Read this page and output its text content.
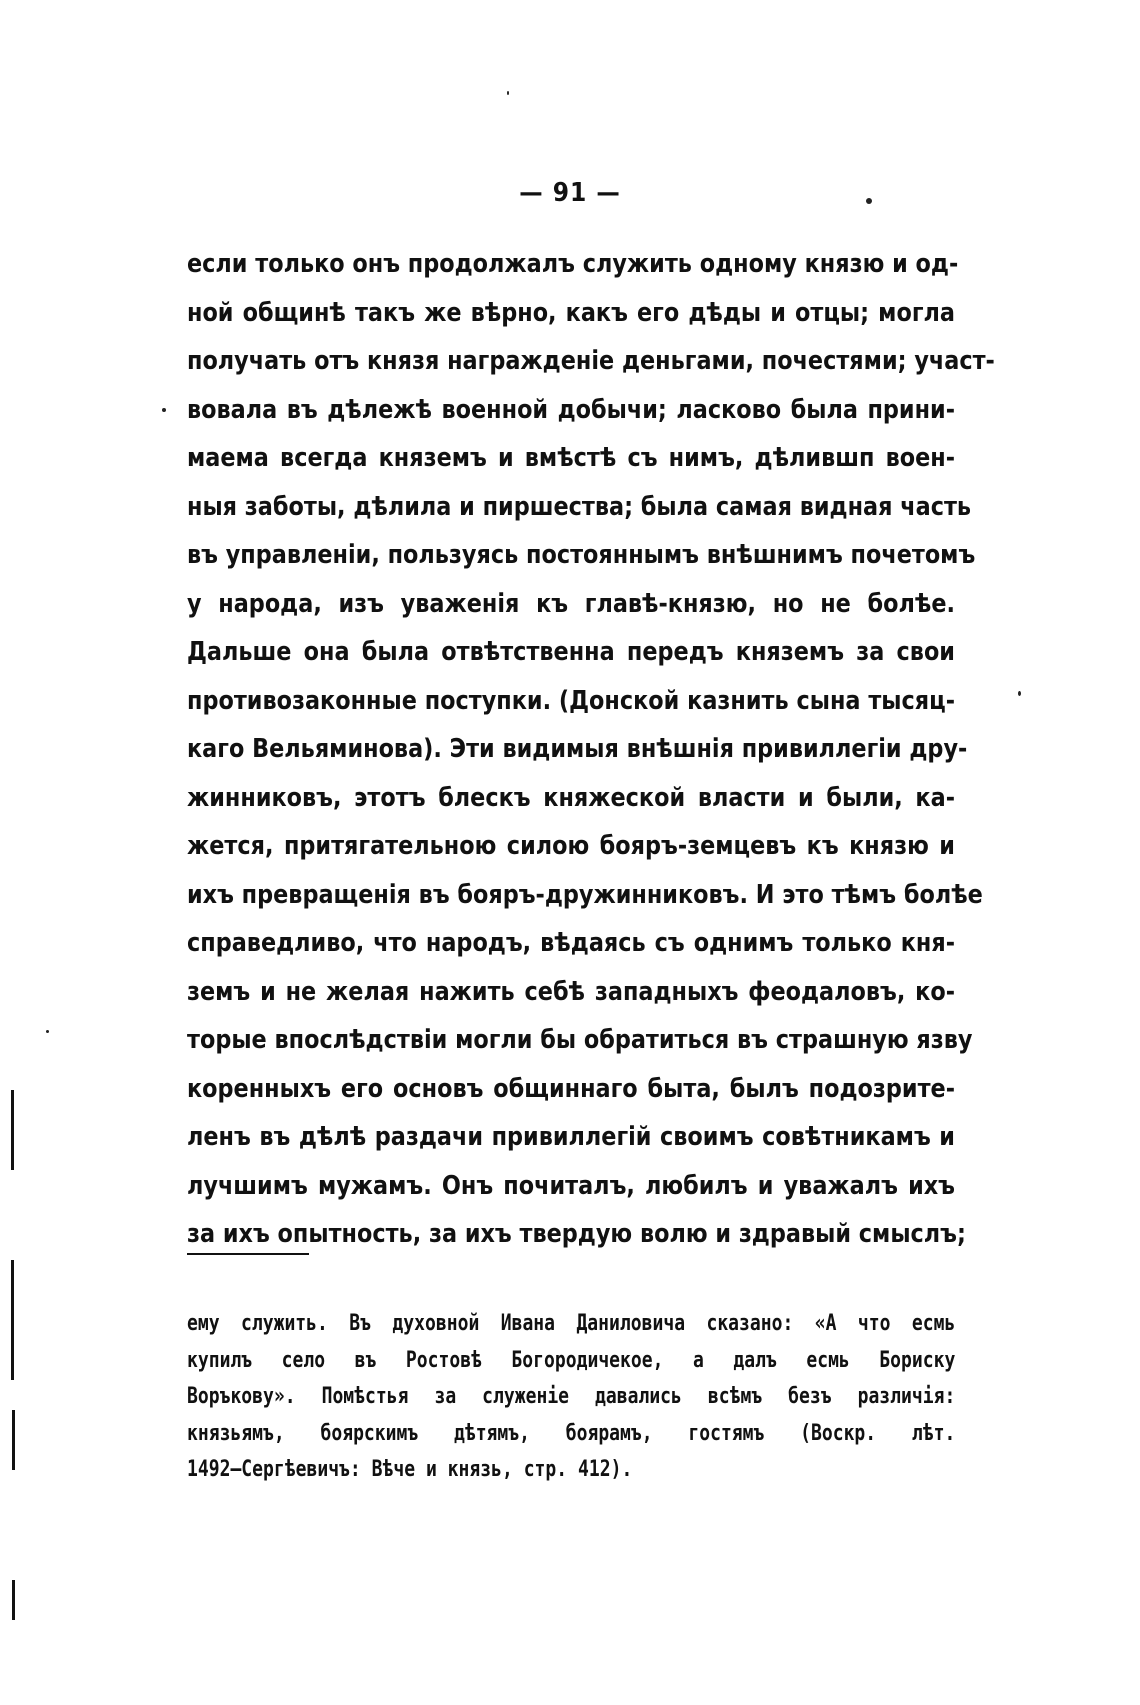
— 91 —
если только онъ продолжалъ служить одному князю и од-
ной общинѣ такъ же вѣрно, какъ его дѣды и отцы; могла
получать отъ князя награжденіе деньгами, почестями; участ-
вовала въ дѣлежѣ военной добычи; ласково была прини-
маема всегда княземъ и вмѣстѣ съ нимъ, дѣлившп воен-
ныя заботы, дѣлила и пиршества; была самая видная часть
въ управленіи, пользуясь постояннымъ внѣшнимъ почетомъ
у народа, изъ уваженія къ главѣ-князю, но не болѣе.
Дальше она была отвѣтственна передъ княземъ за свои
противозаконные поступки. (Донской казнить сына тысяц-
каго Вельяминова). Эти видимыя внѣшнія привиллегіи дру-
жинниковъ, этотъ блескъ княжеской власти и были, ка-
жется, притягательною силою бояръ-земцевъ къ князю и
ихъ превращенія въ бояръ-дружинниковъ. И это тѣмъ болѣе
справедливо, что народъ, вѣдаясь съ однимъ только кня-
земъ и не желая нажить себѣ западныхъ феодаловъ, ко-
торые впослѣдствіи могли бы обратиться въ страшную язву
коренныхъ его основъ общиннаго быта, былъ подозрите-
ленъ въ дѣлѣ раздачи привиллегій своимъ совѣтникамъ и
лучшимъ мужамъ. Онъ почиталъ, любилъ и уважалъ ихъ
за ихъ опытность, за ихъ твердую волю и здравый смыслъ;
ему служить. Въ духовной Ивана Даниловича сказано: «А что есмь
купилъ село въ Ростовѣ Богородичекое, а далъ есмь Бориску
Воръкову». Помѣстья за служеніе давались всѣмъ безъ различія:
князьямъ, боярскимъ дѣтямъ, боярамъ, гостямъ (Воскр. лѣт.
1492—Сергѣевичъ: Вѣче и князь, стр. 412).
